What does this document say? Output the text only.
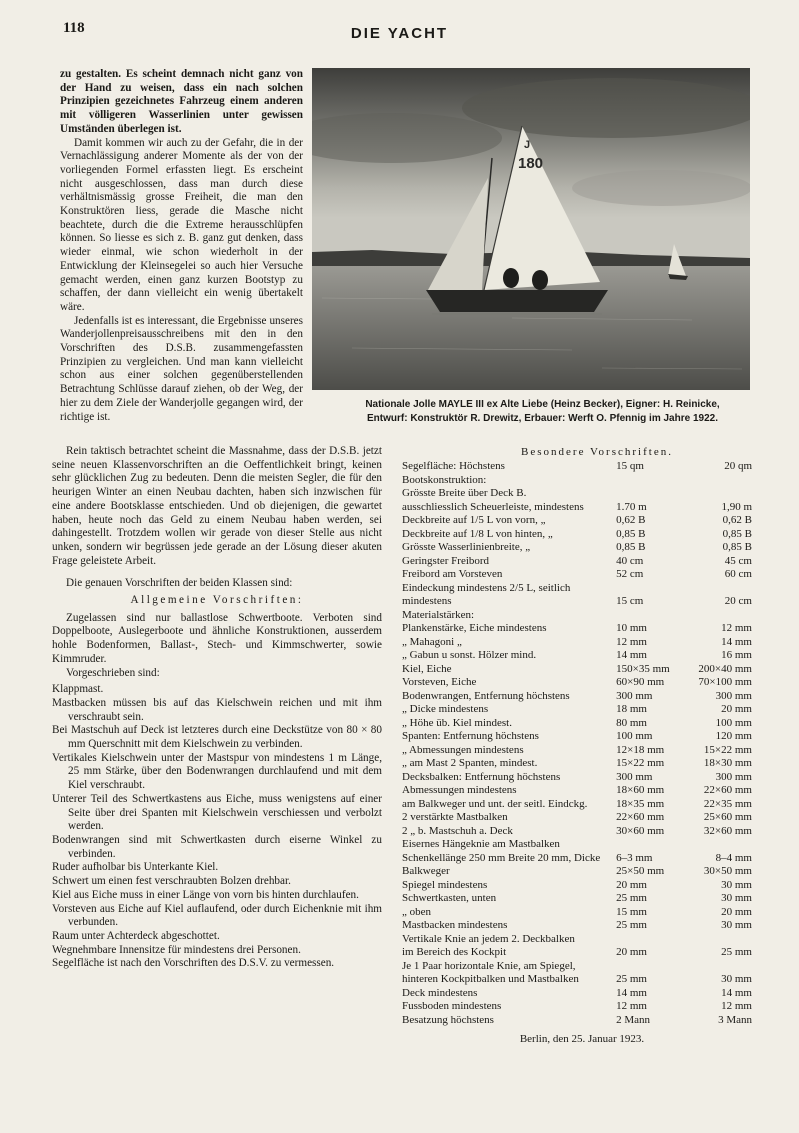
118	DIE YACHT

zu gestalten. Es scheint demnach nicht ganz von der Hand zu weisen, dass ein nach solchen Prinzipien gezeichnetes Fahrzeug einem anderen mit völligeren Wasserlinien unter gewissen Umständen überlegen ist.

Damit kommen wir auch zu der Gefahr, die in der Vernachlässigung anderer Momente als der von der vorliegenden Formel erfassten liegt. Es erscheint nicht ausgeschlossen, dass man durch diese verhältnismässig grosse Freiheit, die man den Konstruktören liess, gerade die Masche nicht beachtete, durch die die Extreme herausschlüpfen können. So liesse es sich z. B. ganz gut denken, dass wieder einmal, wie schon wiederholt in der Entwicklung der Kleinsegelei so auch hier Versuche gemacht werden, einen ganz kurzen Bootstyp zu schaffen, der dann vielleicht ein wenig übertakelt wäre.

Jedenfalls ist es interessant, die Ergebnisse unseres Wanderjollenpreisausschreibens mit den in den Vorschriften des D.S.B. zusammengefassten Prinzipien zu vergleichen. Und man kann vielleicht schon aus einer solchen gegenüberstellenden Betrachtung Schlüsse darauf ziehen, ob der Weg, der hier zu dem Ziele der Wanderjolle gegangen wird, der richtige ist.

J
180
Nationale Jolle MAYLE III ex Alte Liebe (Heinz Becker), Eigner: H. Reinicke,
Entwurf: Konstruktör R. Drewitz, Erbauer: Werft O. Pfennig im Jahre 1922.

Rein taktisch betrachtet scheint die Massnahme, dass der D.S.B. jetzt seine neuen Klassenvorschriften an die Oeffentlichkeit bringt, keinen sehr glücklichen Zug zu bedeuten. Denn die meisten Segler, die für den heurigen Winter an einen Neubau dachten, haben sich inzwischen für eine andere Bootsklasse entschieden. Und ob diejenigen, die gewartet haben, heute noch das Geld zu einem Neubau haben werden, sei dahingestellt. Trotzdem wollen wir gerade von dieser Stelle aus nicht unken, sondern wir begrüssen jede gerade an der Lösung dieser akuten Frage geleistete Arbeit.

Die genauen Vorschriften der beiden Klassen sind:

Allgemeine Vorschriften:

Zugelassen sind nur ballastlose Schwertboote. Verboten sind Doppelboote, Auslegerboote und ähnliche Konstruktionen, ausserdem hohle Bodenformen, Ballast-, Stech- und Kimmschwerter, sowie Kimmruder.

Vorgeschrieben sind:

Klappmast.
Mastbacken müssen bis auf das Kielschwein reichen und mit ihm verschraubt sein.
Bei Mastschuh auf Deck ist letzteres durch eine Deckstütze von 80 × 80 mm Querschnitt mit dem Kielschwein zu verbinden.
Vertikales Kielschwein unter der Mastspur von mindestens 1 m Länge, 25 mm Stärke, über den Bodenwrangen durchlaufend und mit dem Kiel verschraubt.
Unterer Teil des Schwertkastens aus Eiche, muss wenigstens auf einer Seite über drei Spanten mit Kielschwein verschiessen und verbolzt werden.
Bodenwrangen sind mit Schwertkasten durch eiserne Winkel zu verbinden.
Ruder aufholbar bis Unterkante Kiel.
Schwert um einen fest verschraubten Bolzen drehbar.
Kiel aus Eiche muss in einer Länge von vorn bis hinten durchlaufen.
Vorsteven aus Eiche auf Kiel auflaufend, oder durch Eichenknie mit ihm verbunden.
Raum unter Achterdeck abgeschottet.
Wegnehmbare Innensitze für mindestens drei Personen.
Segelfläche ist nach den Vorschriften des D.S.V. zu vermessen.
Besondere Vorschriften.
Segelfläche: Höchstens	15 qm	20 qm
Bootskonstruktion:		
Grösste Breite über Deck B.		
ausschliesslich Scheuerleiste, mindestens	1.70 m	1,90 m
Deckbreite auf 1/5 L von vorn, „	0,62 B	0,62 B
Deckbreite auf 1/8 L von hinten, „	0,85 B	0,85 B
Grösste Wasserlinienbreite, „	0,85 B	0,85 B
Geringster Freibord	40 cm	45 cm
Freibord am Vorsteven	52 cm	60 cm
Eindeckung mindestens 2/5 L, seitlich		
mindestens	15 cm	20 cm
Materialstärken:		
Plankenstärke, Eiche mindestens	10 mm	12 mm
„ Mahagoni „	12 mm	14 mm
„ Gabun u sonst. Hölzer mind.	14 mm	16 mm
Kiel, Eiche	150×35 mm	200×40 mm
Vorsteven, Eiche	60×90 mm	70×100 mm
Bodenwrangen, Entfernung höchstens	300 mm	300 mm
„ Dicke mindestens	18 mm	20 mm
„ Höhe üb. Kiel mindest.	80 mm	100 mm
Spanten: Entfernung höchstens	100 mm	120 mm
„ Abmessungen mindestens	12×18 mm	15×22 mm
„ am Mast 2 Spanten, mindest.	15×22 mm	18×30 mm
Decksbalken: Entfernung höchstens	300 mm	300 mm
Abmessungen mindestens	18×60 mm	22×60 mm
am Balkweger und unt. der seitl. Eindckg.	18×35 mm	22×35 mm
2 verstärkte Mastbalken	22×60 mm	25×60 mm
2 „ b. Mastschuh a. Deck	30×60 mm	32×60 mm
Eisernes Hängeknie am Mastbalken		
Schenkellänge 250 mm Breite 20 mm, Dicke	6–3 mm	8–4 mm
Balkweger	25×50 mm	30×50 mm
Spiegel mindestens	20 mm	30 mm
Schwertkasten, unten	25 mm	30 mm
„ oben	15 mm	20 mm
Mastbacken mindestens	25 mm	30 mm
Vertikale Knie an jedem 2. Deckbalken		
im Bereich des Kockpit	20 mm	25 mm
Je 1 Paar horizontale Knie, am Spiegel,		
hinteren Kockpitbalken und Mastbalken	25 mm	30 mm
Deck mindestens	14 mm	14 mm
Fussboden mindestens	12 mm	12 mm
Besatzung höchstens	2 Mann	3 Mann
Berlin, den 25. Januar 1923.
